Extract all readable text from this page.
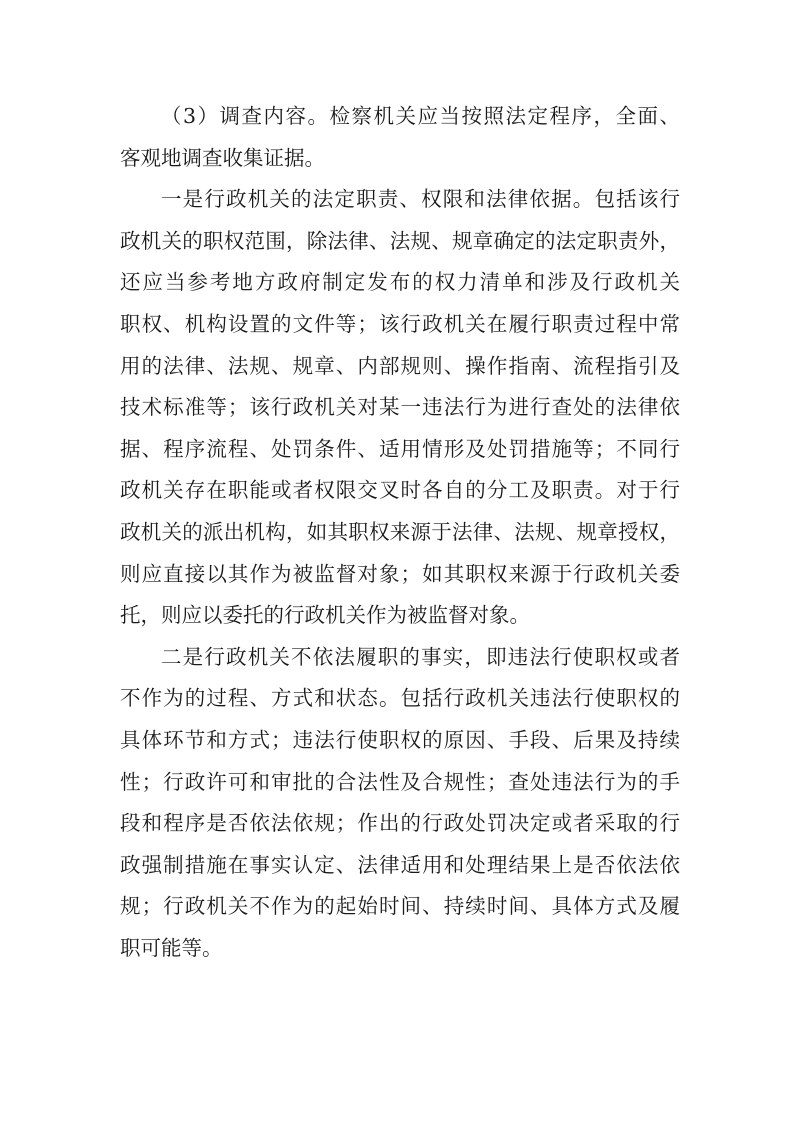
（3）调查内容。检察机关应当按照法定程序，全面、
客观地调查收集证据。

一是行政机关的法定职责、权限和法律依据。包括该行
政机关的职权范围，除法律、法规、规章确定的法定职责外，
还应当参考地方政府制定发布的权力清单和涉及行政机关
职权、机构设置的文件等；该行政机关在履行职责过程中常
用的法律、法规、规章、内部规则、操作指南、流程指引及
技术标准等；该行政机关对某一违法行为进行查处的法律依
据、程序流程、处罚条件、适用情形及处罚措施等；不同行
政机关存在职能或者权限交叉时各自的分工及职责。对于行
政机关的派出机构，如其职权来源于法律、法规、规章授权，
则应直接以其作为被监督对象；如其职权来源于行政机关委
托，则应以委托的行政机关作为被监督对象。

二是行政机关不依法履职的事实，即违法行使职权或者
不作为的过程、方式和状态。包括行政机关违法行使职权的
具体环节和方式；违法行使职权的原因、手段、后果及持续
性；行政许可和审批的合法性及合规性；查处违法行为的手
段和程序是否依法依规；作出的行政处罚决定或者采取的行
政强制措施在事实认定、法律适用和处理结果上是否依法依
规；行政机关不作为的起始时间、持续时间、具体方式及履
职可能等。
